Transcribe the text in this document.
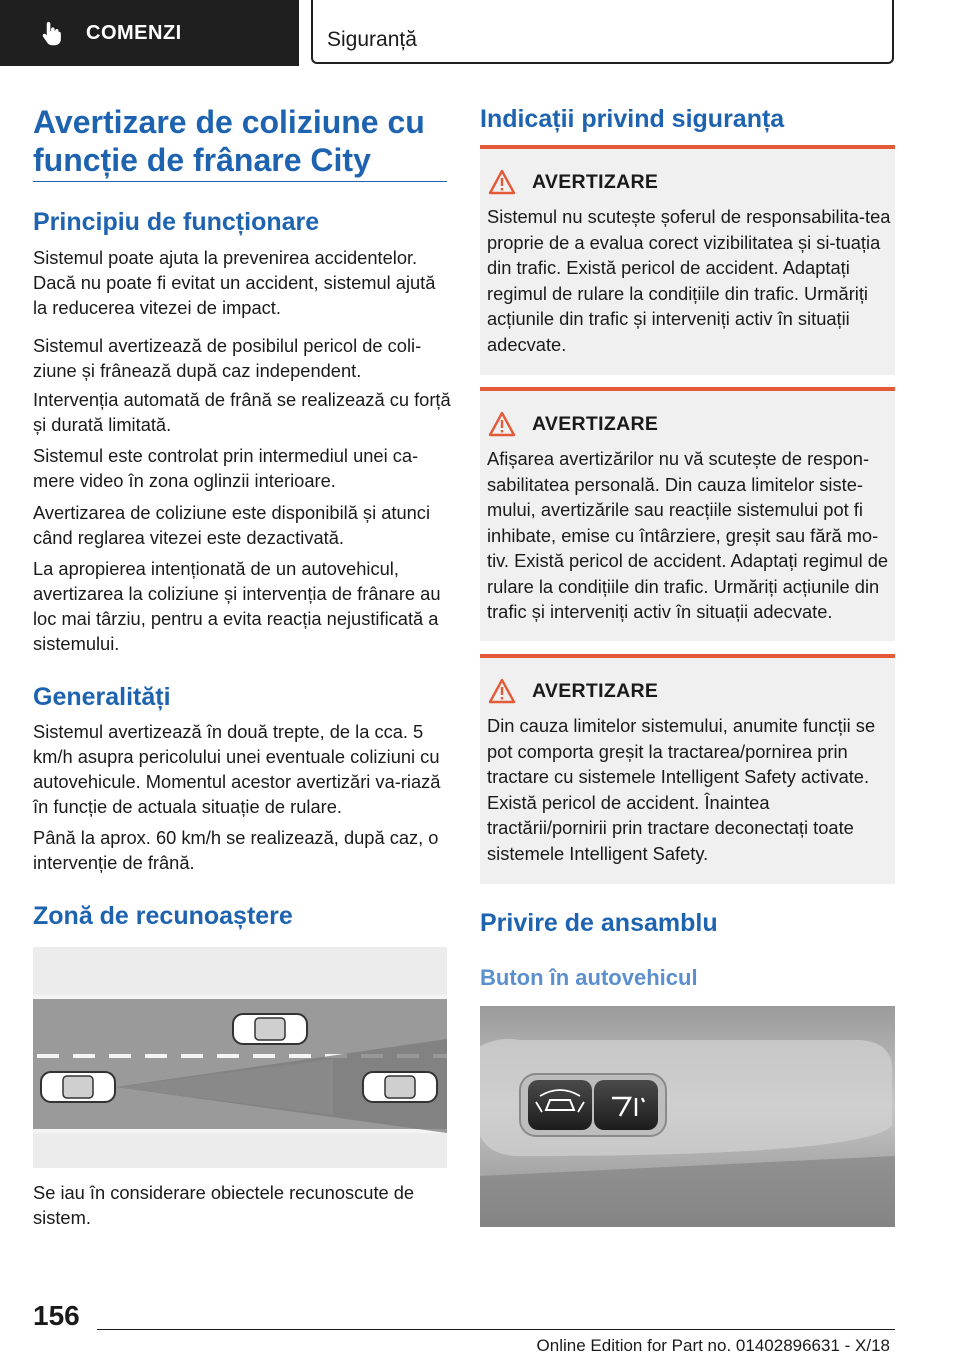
COMENZI	Siguranță
Avertizare de coliziune cu funcție de frânare City
Principiu de funcționare

Sistemul poate ajuta la prevenirea accidentelor. Dacă nu poate fi evitat un accident, sistemul ajută la reducerea vitezei de impact.

Sistemul avertizează de posibilul pericol de coli‐ziune și frânează după caz independent.

Intervenția automată de frână se realizează cu forță și durată limitată.

Sistemul este controlat prin intermediul unei ca‐mere video în zona oglinzii interioare.

Avertizarea de coliziune este disponibilă și atunci când reglarea vitezei este dezactivată.

La apropierea intenționată de un autovehicul, avertizarea la coliziune și intervenția de frânare au loc mai târziu, pentru a evita reacția nejustificată a sistemului.

Generalități

Sistemul avertizează în două trepte, de la cca. 5 km/h asupra pericolului unei eventuale coliziuni cu autovehicule. Momentul acestor avertizări va‐riază în funcție de actuala situație de rulare.

Până la aprox. 60 km/h se realizează, după caz, o intervenție de frână.

Zonă de recunoaștere

Se iau în considerare obiectele recunoscute de sistem.

Indicații privind siguranța
AVERTIZARE
Sistemul nu scutește șoferul de responsabilita‐tea proprie de a evalua corect vizibilitatea și si‐tuația din trafic. Există pericol de accident. Adaptați regimul de rulare la condițiile din trafic. Urmăriți acțiunile din trafic și interveniți activ în situații adecvate.
AVERTIZARE
Afișarea avertizărilor nu vă scutește de respon‐sabilitatea personală. Din cauza limitelor siste‐mului, avertizările sau reacțiile sistemului pot fi inhibate, emise cu întârziere, greșit sau fără mo‐tiv. Există pericol de accident. Adaptați regimul de rulare la condițiile din trafic. Urmăriți acțiunile din trafic și interveniți activ în situații adecvate.
AVERTIZARE
Din cauza limitelor sistemului, anumite funcții se pot comporta greșit la tractarea/pornirea prin tractare cu sistemele Intelligent Safety activate. Există pericol de accident. Înaintea tractării/pornirii prin tractare deconectați toate sistemele Intelligent Safety.
Privire de ansamblu
Buton în autovehicul
156
Online Edition for Part no. 01402896631 - X/18
